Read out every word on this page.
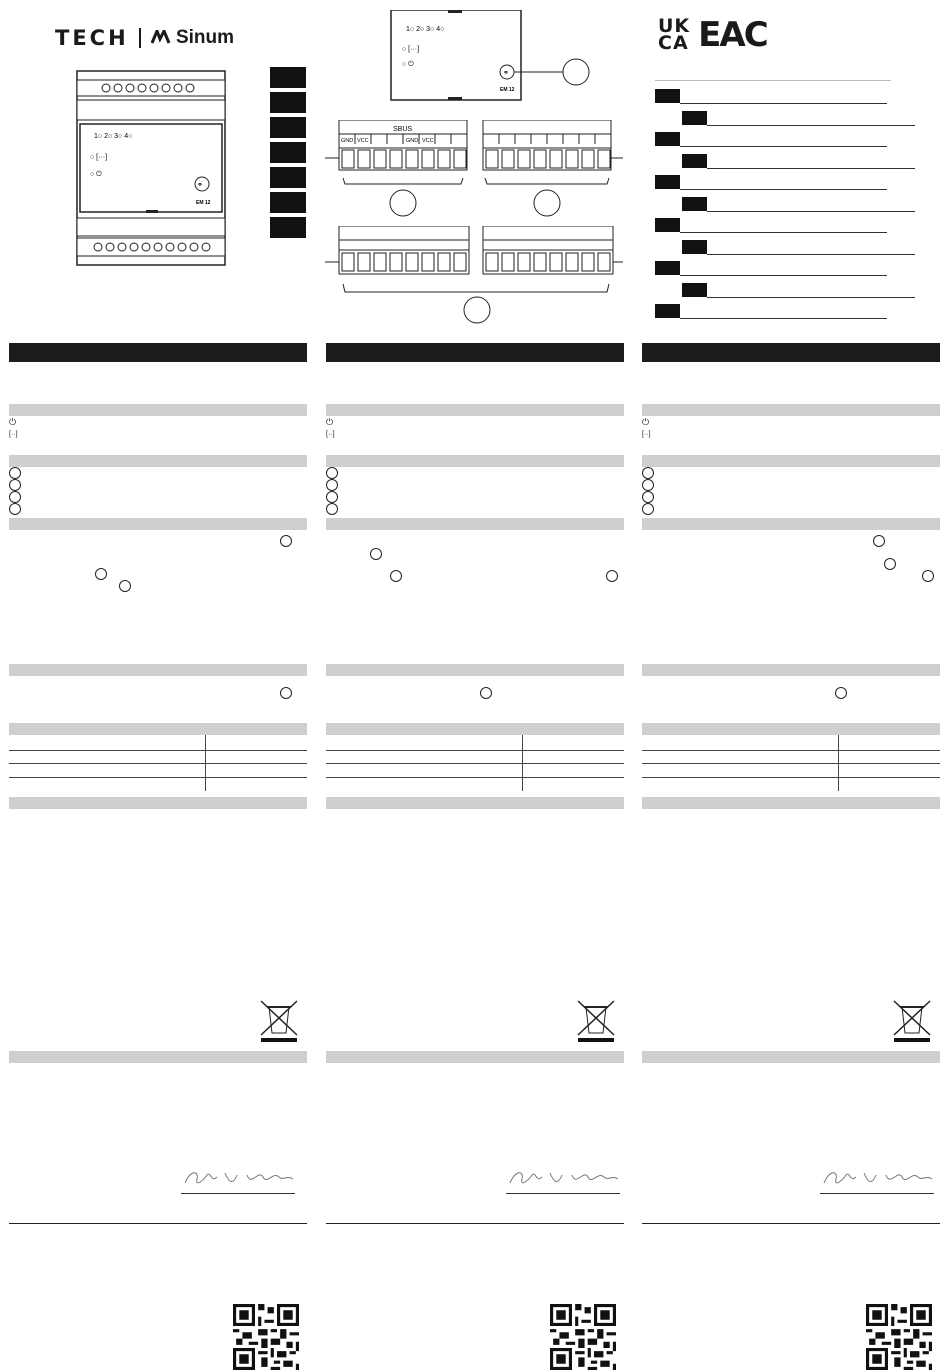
TECH	Sinum
1○ 2○ 3○ 4○
○ [···]
○ ⏻
⚭
EM 12
1○ 2○ 3○ 4○
○ [···]
○ ⏻
⚭
EM 12
SBUS
GND VCC	GND VCC
UK
CA EAC
⏻
[··]
⏻
[··]
⏻
[··]
